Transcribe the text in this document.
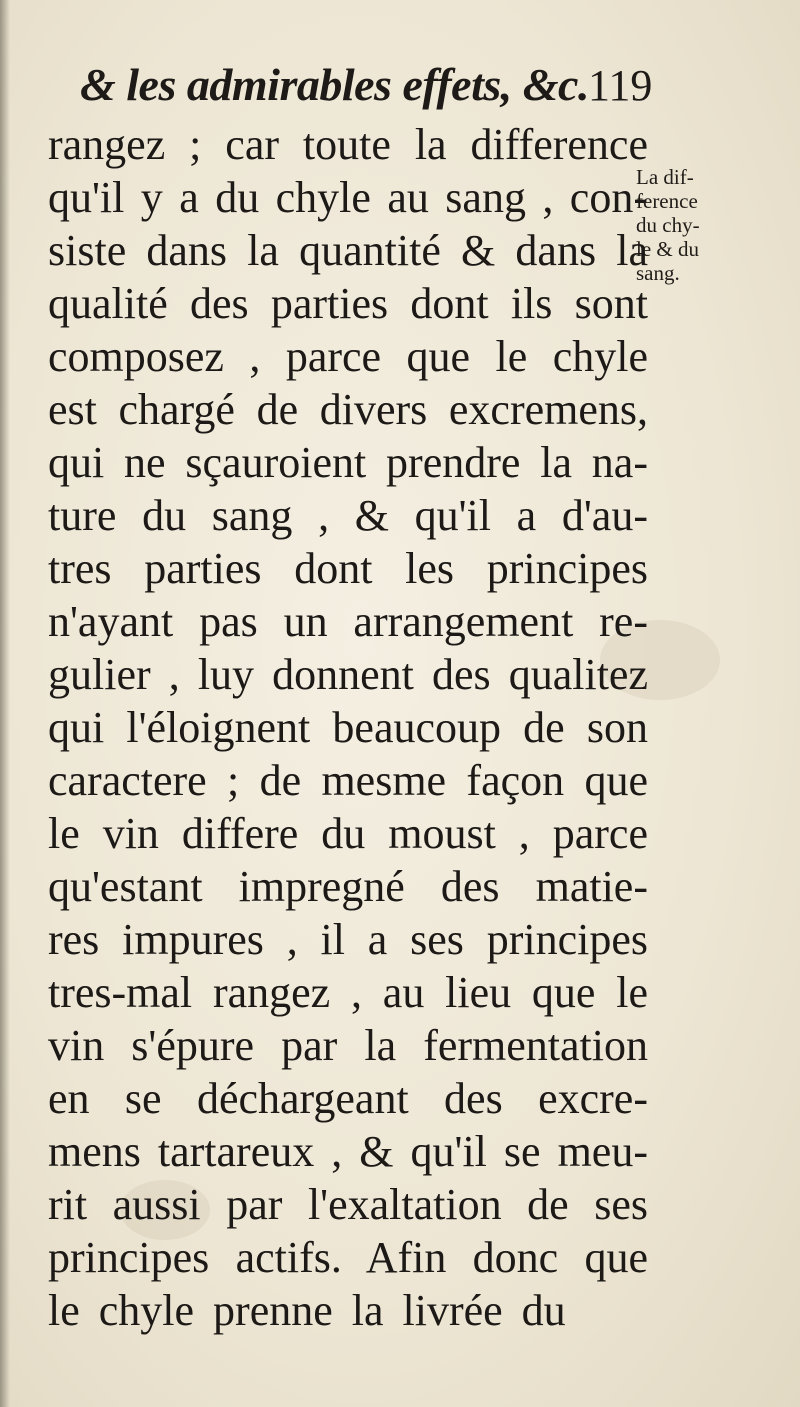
& les admirables effets, &c. 119
La dif-
ference
du chy-
le & du
sang.
rangez ; car toute la difference
qu'il y a du chyle au sang , con-
siste dans la quantité & dans la
qualité des parties dont ils sont
composez , parce que le chyle
est chargé de divers excremens,
qui ne sçauroient prendre la na-
ture du sang , & qu'il a d'au-
tres parties dont les principes
n'ayant pas un arrangement re-
gulier , luy donnent des qualitez
qui l'éloignent beaucoup de son
caractere ; de mesme façon que
le vin differe du moust , parce
qu'estant impregné des matie-
res impures , il a ses principes
tres-mal rangez , au lieu que le
vin s'épure par la fermentation
en se déchargeant des excre-
mens tartareux , & qu'il se meu-
rit aussi par l'exaltation de ses
principes actifs. Afin donc que
le chyle prenne la livrée du
